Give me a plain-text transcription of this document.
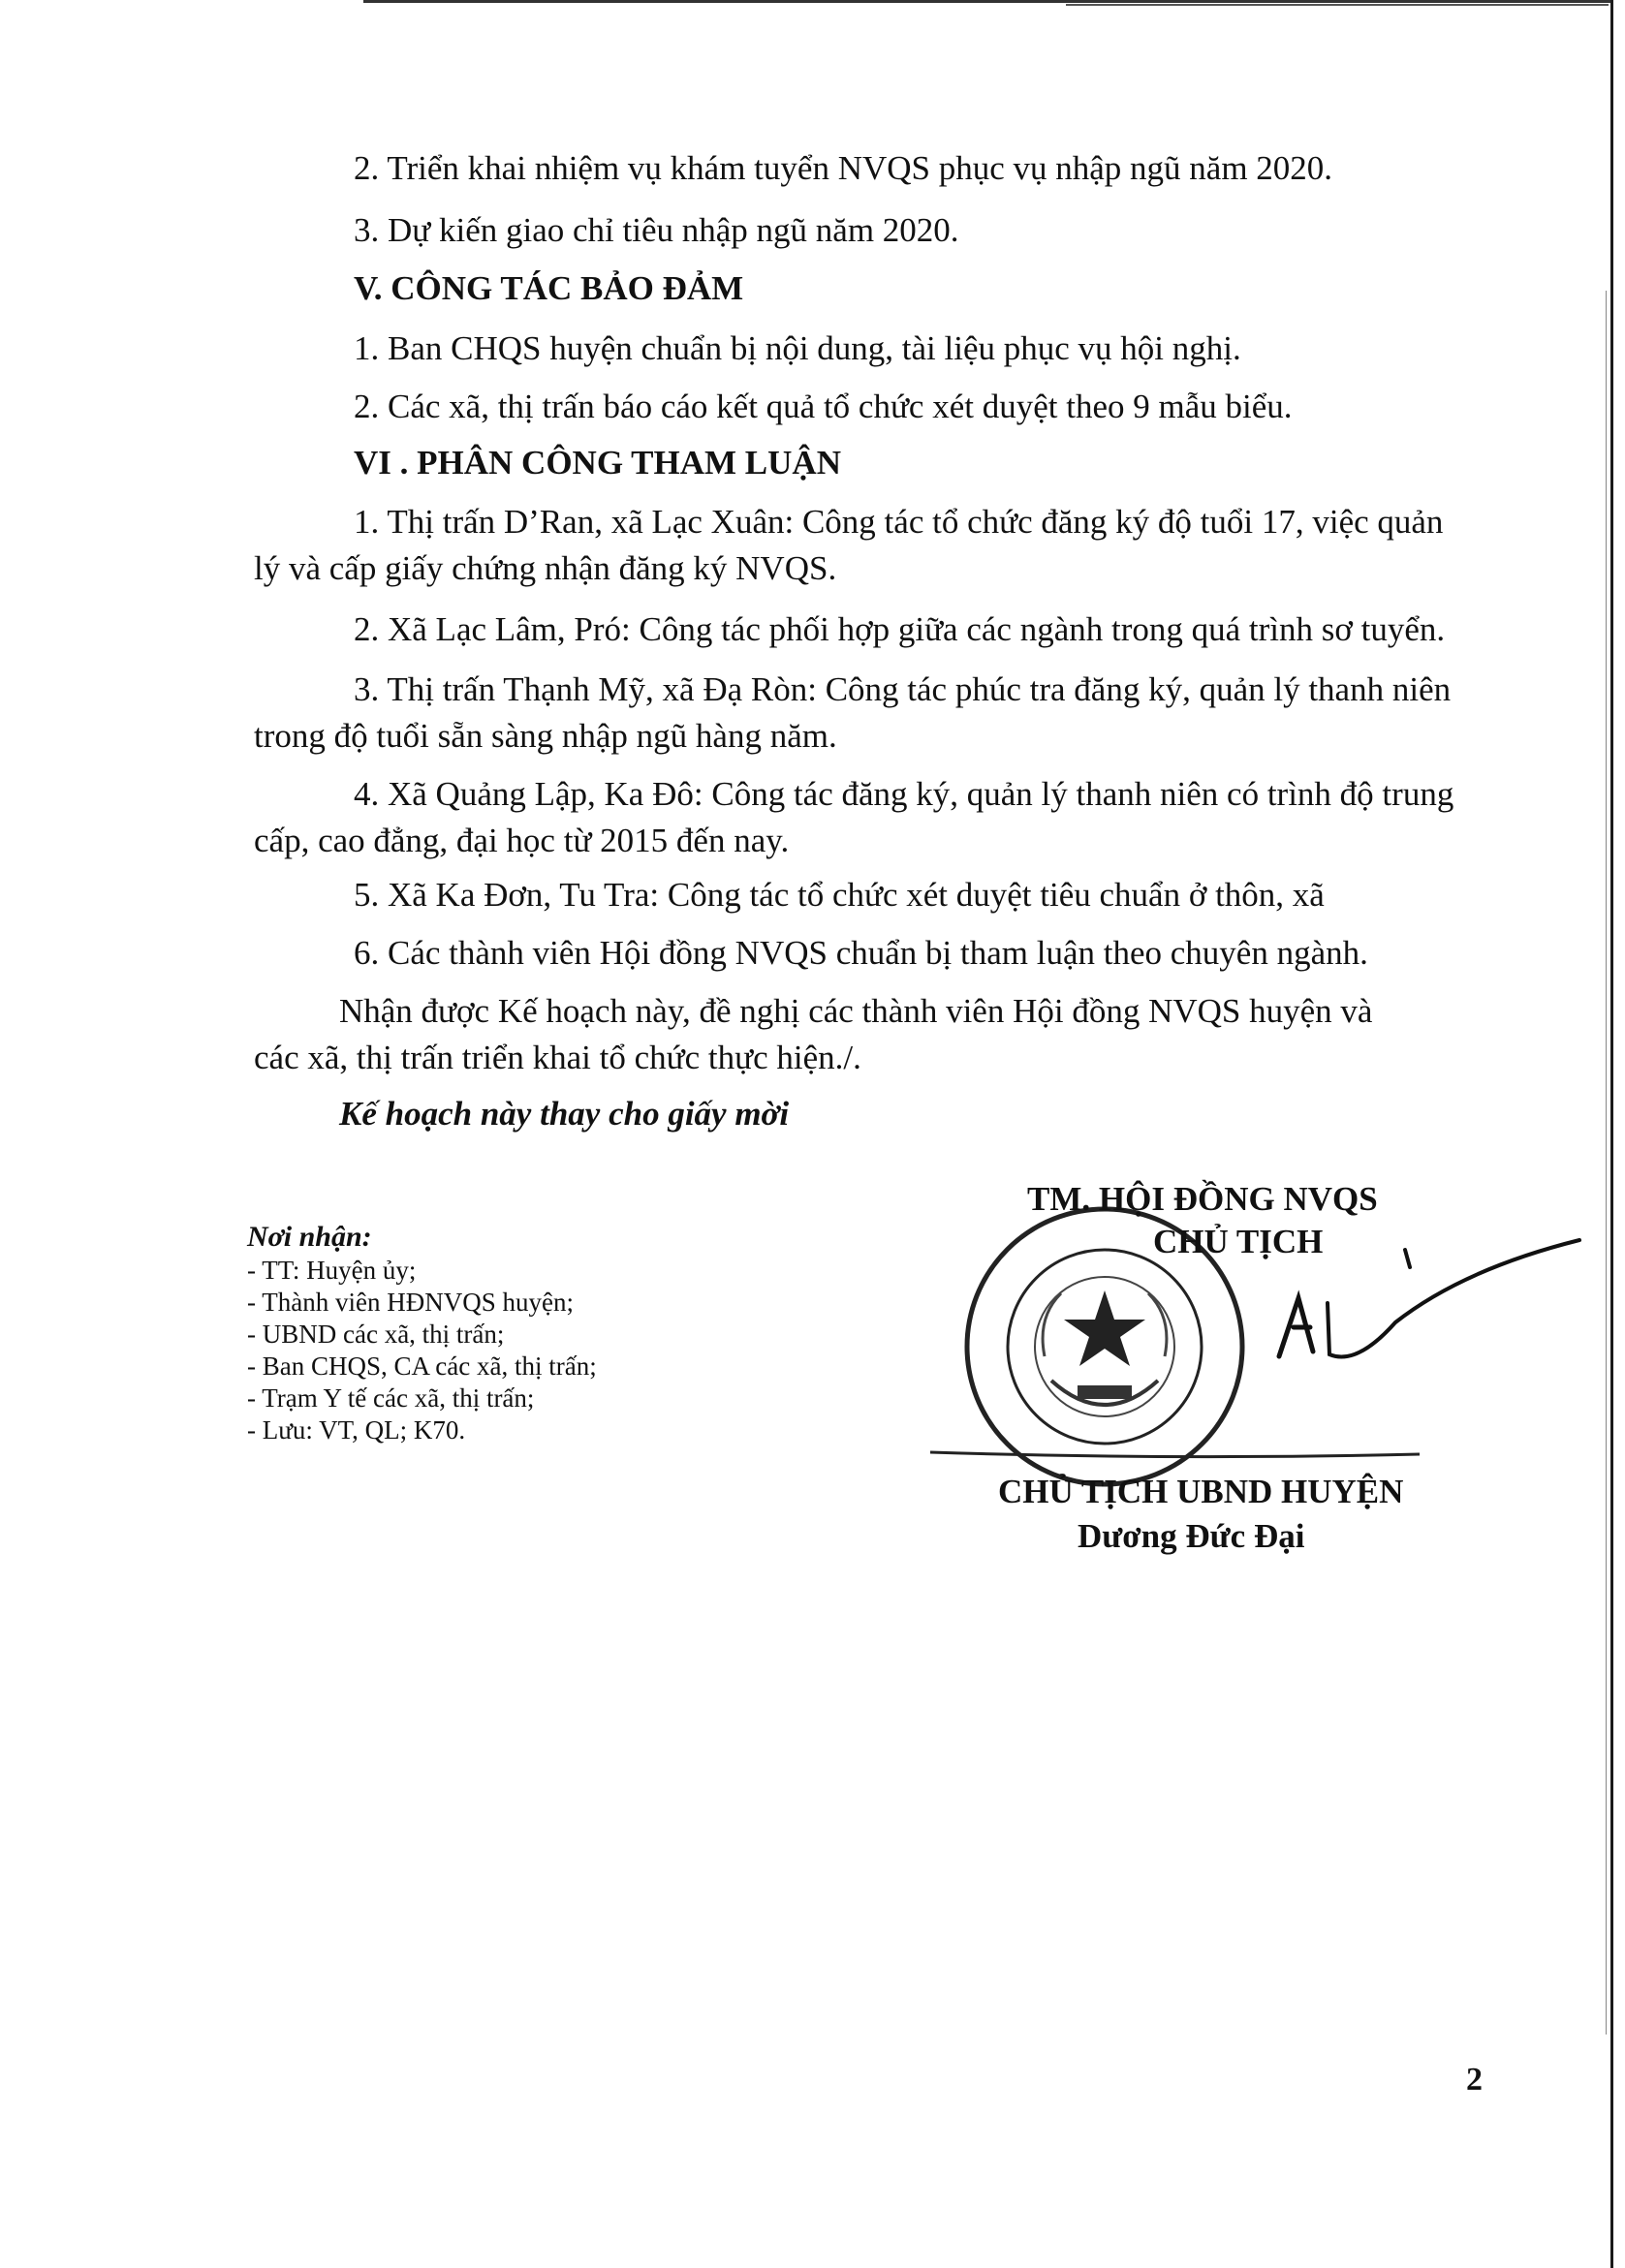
2. Triển khai nhiệm vụ khám tuyển NVQS phục vụ nhập ngũ năm 2020.
3. Dự kiến giao chỉ tiêu nhập ngũ năm 2020.
V. CÔNG TÁC BẢO ĐẢM
1. Ban CHQS huyện chuẩn bị nội dung, tài liệu phục vụ hội nghị.
2. Các xã, thị trấn báo cáo kết quả tổ chức xét duyệt theo 9 mẫu biểu.
VI . PHÂN CÔNG THAM LUẬN
1. Thị trấn D’Ran, xã Lạc Xuân: Công tác tổ chức đăng ký độ tuổi 17, việc quản
lý và cấp giấy chứng nhận đăng ký NVQS.
2. Xã Lạc Lâm, Pró: Công tác phối hợp giữa các ngành trong quá trình sơ tuyển.
3. Thị trấn Thạnh Mỹ, xã Đạ Ròn: Công tác phúc tra đăng ký, quản lý thanh niên
trong độ tuổi sẵn sàng nhập ngũ hàng năm.
4. Xã Quảng Lập, Ka Đô: Công tác đăng ký, quản lý thanh niên có trình độ trung
cấp, cao đẳng, đại học từ 2015 đến nay.
5. Xã Ka Đơn, Tu Tra: Công tác tổ chức xét duyệt tiêu chuẩn ở thôn, xã
6. Các thành viên Hội đồng NVQS chuẩn bị tham luận theo chuyên ngành.
Nhận được Kế hoạch này, đề nghị các thành viên Hội đồng NVQS huyện và
các xã, thị trấn triển khai tổ chức thực hiện./.
Kế hoạch này thay cho giấy mời
Nơi nhận:
- TT: Huyện ủy;
- Thành viên HĐNVQS huyện;
- UBND các xã, thị trấn;
- Ban CHQS, CA các xã, thị trấn;
- Trạm Y tế các xã, thị trấn;
- Lưu: VT, QL; K70.
TM. HỘI ĐỒNG NVQS
CHỦ TỊCH
CHỦ TỊCH UBND HUYỆN
Dương Đức Đại
2
